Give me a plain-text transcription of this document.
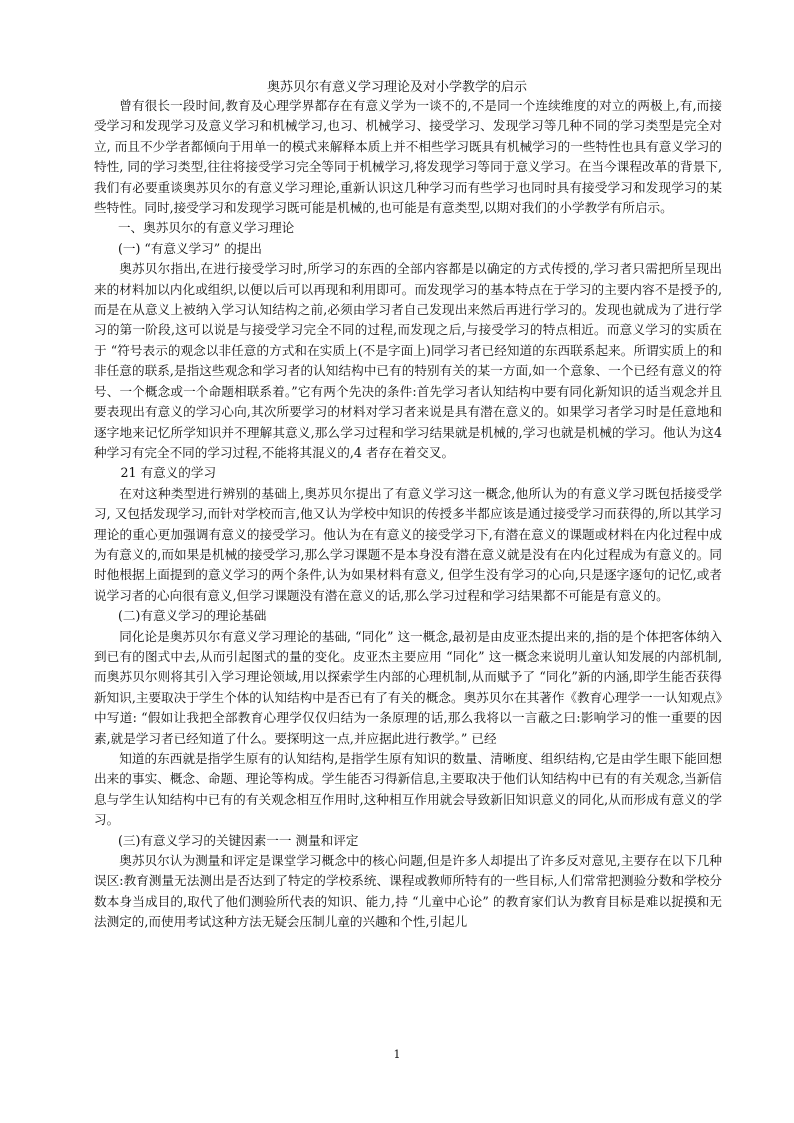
奥苏贝尔有意义学习理论及对小学教学的启示

曾有很长一段时间,教育及心理学界都存在有意义学为一谈不的,不是同一个连续维度的对立的两极上,有,而接受学习和发现学习及意义学习和机械学习,也习、机械学习、接受学习、发现学习等几种不同的学习类型是完全对立, 而且不少学者都倾向于用单一的模式来解释本质上并不相些学习既具有机械学习的一些特性也具有意义学习的特性, 同的学习类型,往往将接受学习完全等同于机械学习,将发现学习等同于意义学习。在当今课程改革的背景下,我们有必要重谈奥苏贝尔的有意义学习理论,重新认识这几种学习而有些学习也同时具有接受学习和发现学习的某些特性。同时,接受学习和发现学习既可能是机械的,也可能是有意类型,以期对我们的小学教学有所启示。

一、奥苏贝尔的有意义学习理论

(一) “有意义学习” 的提出

奥苏贝尔指出,在进行接受学习时,所学习的东西的全部内容都是以确定的方式传授的,学习者只需把所呈现出来的材料加以内化或组织,以便以后可以再现和利用即可。而发现学习的基本特点在于学习的主要内容不是授予的,而是在从意义上被纳入学习认知结构之前,必须由学习者自己发现出来然后再进行学习的。发现也就成为了进行学习的第一阶段,这可以说是与接受学习完全不同的过程,而发现之后,与接受学习的特点相近。而意义学习的实质在于 “符号表示的观念以非任意的方式和在实质上(不是字面上)同学习者已经知道的东西联系起来。所谓实质上的和非任意的联系,是指这些观念和学习者的认知结构中已有的特别有关的某一方面,如一个意象、一个已经有意义的符号、一个概念或一个命题相联系着。”它有两个先决的条件:首先学习者认知结构中要有同化新知识的适当观念并且要表现出有意义的学习心向,其次所要学习的材料对学习者来说是具有潜在意义的。如果学习者学习时是任意地和逐字地来记忆所学知识并不理解其意义,那么学习过程和学习结果就是机械的,学习也就是机械的学习。他认为这4 种学习有完全不同的学习过程,不能将其混义的,4 者存在着交叉。

21 有意义的学习

在对这种类型进行辨别的基础上,奥苏贝尔提出了有意义学习这一概念,他所认为的有意义学习既包括接受学习, 又包括发现学习,而针对学校而言,他又认为学校中知识的传授多半都应该是通过接受学习而获得的,所以其学习理论的重心更加强调有意义的接受学习。他认为在有意义的接受学习下,有潜在意义的课题或材料在内化过程中成为有意义的,而如果是机械的接受学习,那么学习课题不是本身没有潜在意义就是没有在内化过程成为有意义的。同时他根据上面提到的意义学习的两个条件,认为如果材料有意义, 但学生没有学习的心向,只是逐字逐句的记忆,或者说学习者的心向很有意义,但学习课题没有潜在意义的话,那么学习过程和学习结果都不可能是有意义的。

(二)有意义学习的理论基础

同化论是奥苏贝尔有意义学习理论的基础, “同化” 这一概念,最初是由皮亚杰提出来的,指的是个体把客体纳入到已有的图式中去,从而引起图式的量的变化。皮亚杰主要应用 “同化” 这一概念来说明儿童认知发展的内部机制,而奥苏贝尔则将其引入学习理论领域,用以探索学生内部的心理机制,从而赋予了 “同化”新的内涵,即学生能否获得新知识,主要取决于学生个体的认知结构中是否已有了有关的概念。奥苏贝尔在其著作《教育心理学一一认知观点》中写道: “假如让我把全部教育心理学仅仅归结为一条原理的话,那么我将以一言蔽之曰:影响学习的惟一重要的因素,就是学习者已经知道了什么。要探明这一点,并应据此进行教学。” 已经

知道的东西就是指学生原有的认知结构,是指学生原有知识的数量、清晰度、组织结构,它是由学生眼下能回想出来的事实、概念、命题、理论等构成。学生能否习得新信息,主要取决于他们认知结构中已有的有关观念,当新信息与学生认知结构中已有的有关观念相互作用时,这种相互作用就会导致新旧知识意义的同化,从而形成有意义的学习。

(三)有意义学习的关键因素一一 测量和评定

奥苏贝尔认为测量和评定是课堂学习概念中的核心问题,但是许多人却提出了许多反对意见,主要存在以下几种误区:教育测量无法测出是否达到了特定的学校系统、课程或教师所特有的一些目标,人们常常把测验分数和学校分数本身当成目的,取代了他们测验所代表的知识、能力,持 “儿童中心论” 的教育家们认为教育目标是难以捉摸和无法测定的,而使用考试这种方法无疑会压制儿童的兴趣和个性,引起儿

1
